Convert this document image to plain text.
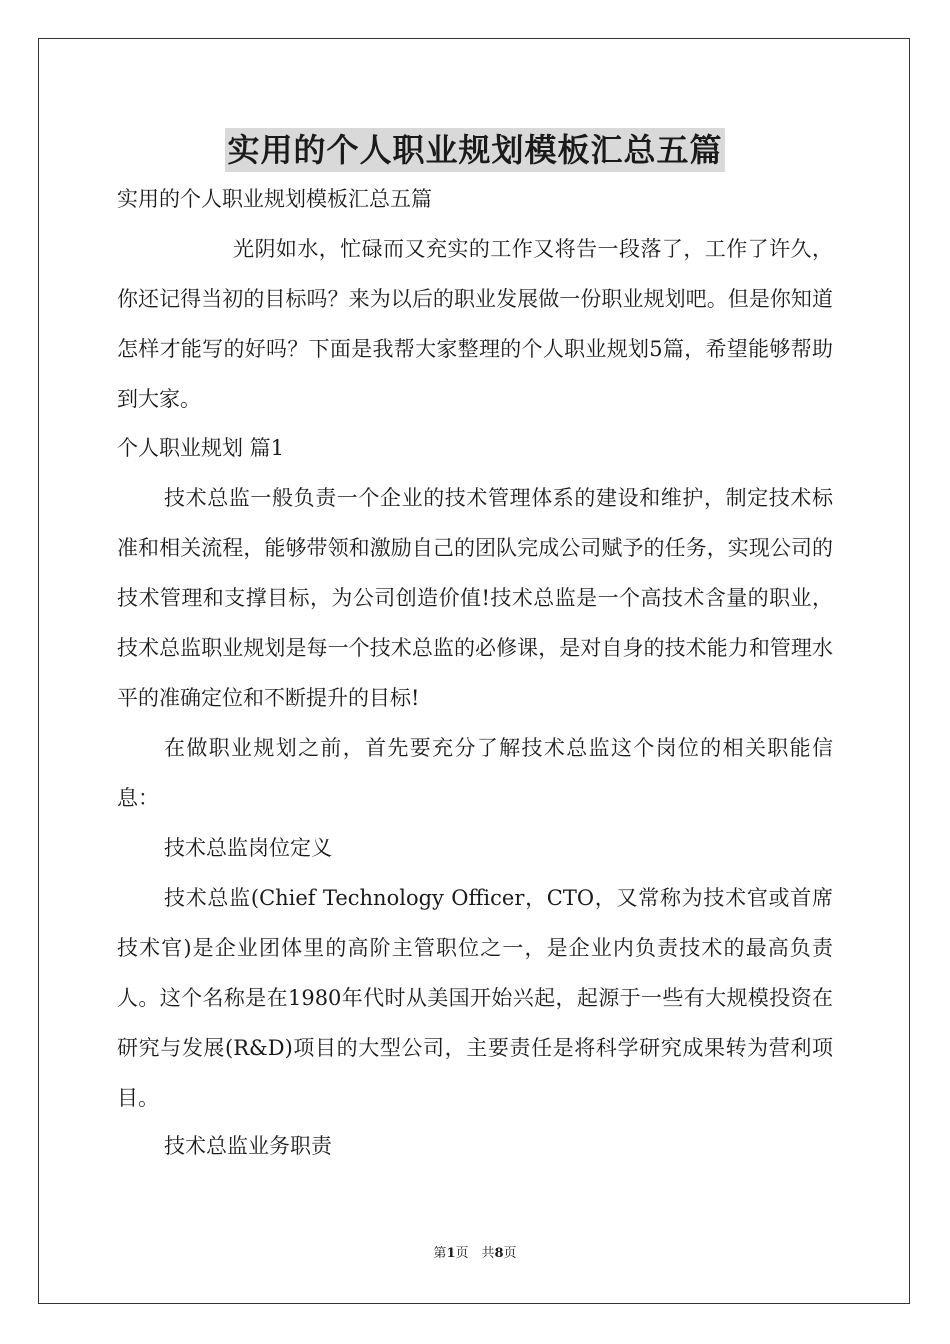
实用的个人职业规划模板汇总五篇

实用的个人职业规划模板汇总五篇

光阴如水，忙碌而又充实的工作又将告一段落了，工作了许久，你还记得当初的目标吗？来为以后的职业发展做一份职业规划吧。但是你知道怎样才能写的好吗？下面是我帮大家整理的个人职业规划5篇，希望能够帮助到大家。

个人职业规划 篇1

技术总监一般负责一个企业的技术管理体系的建设和维护，制定技术标准和相关流程，能够带领和激励自己的团队完成公司赋予的任务，实现公司的技术管理和支撑目标，为公司创造价值!技术总监是一个高技术含量的职业，技术总监职业规划是每一个技术总监的必修课，是对自身的技术能力和管理水平的准确定位和不断提升的目标!

在做职业规划之前，首先要充分了解技术总监这个岗位的相关职能信息：

技术总监岗位定义

技术总监(Chief Technology Officer，CTO，又常称为技术官或首席技术官)是企业团体里的高阶主管职位之一，是企业内负责技术的最高负责人。这个名称是在1980年代时从美国开始兴起，起源于一些有大规模投资在研究与发展(R&D)项目的大型公司，主要责任是将科学研究成果转为营利项目。

技术总监业务职责

第1页　共8页
